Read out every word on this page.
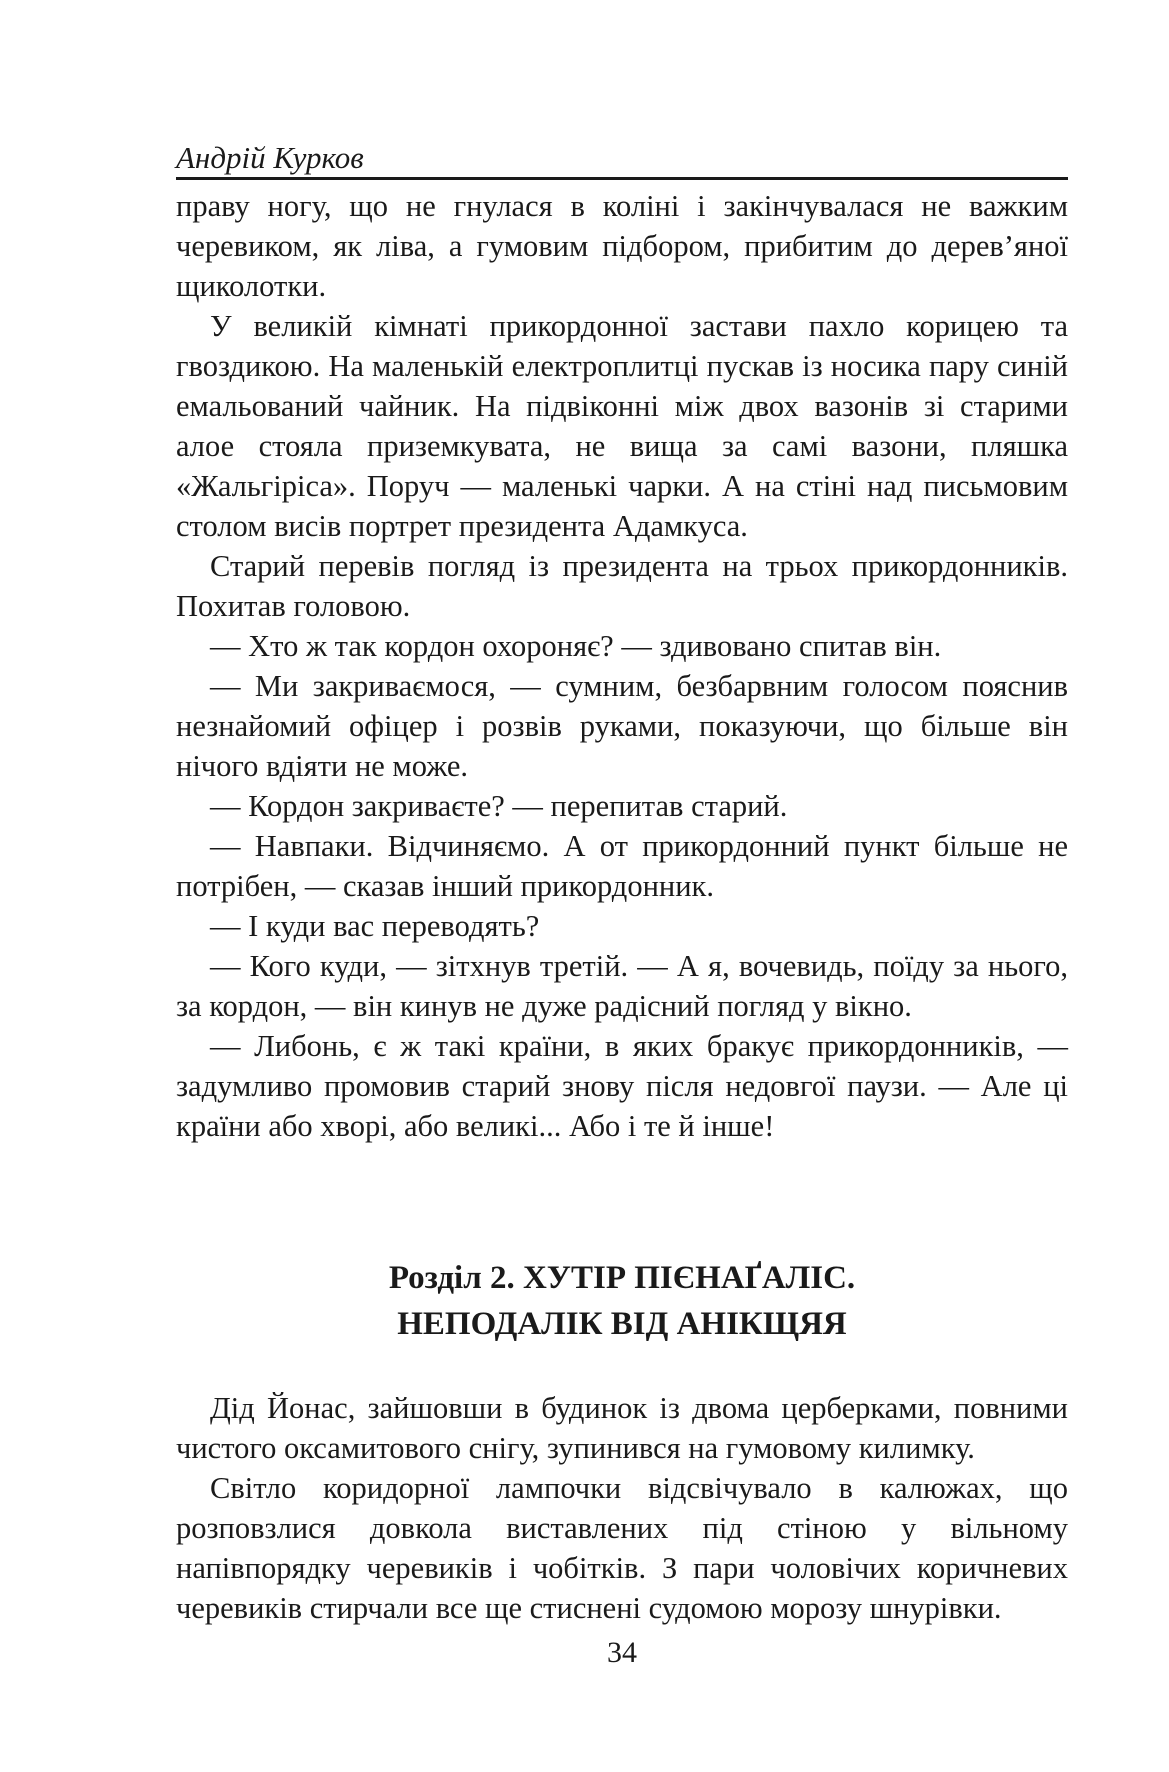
Андрій Курков

праву ногу, що не гнулася в коліні і закінчувалася не важким черевиком, як ліва, а гумовим підбором, прибитим до дерев’яної щиколотки.

У великій кімнаті прикордонної застави пахло корицею та гвоздикою. На маленькій електроплитці пускав із носика пару синій емальований чайник. На підвіконні між двох вазонів зі старими алое стояла приземкувата, не вища за самі вазони, пляшка «Жальгіріса». Поруч — маленькі чарки. А на стіні над письмовим столом висів портрет президента Адамкуса.

Старий перевів погляд із президента на трьох прикордонників. Похитав головою.

— Хто ж так кордон охороняє? — здивовано спитав він.

— Ми закриваємося, — сумним, безбарвним голосом пояснив незнайомий офіцер і розвів руками, показуючи, що більше він нічого вдіяти не може.

— Кордон закриваєте? — перепитав старий.

— Навпаки. Відчиняємо. А от прикордонний пункт більше не потрібен, — сказав інший прикордонник.

— І куди вас переводять?

— Кого куди, — зітхнув третій. — А я, вочевидь, поїду за нього, за кордон, — він кинув не дуже радісний погляд у вікно.

— Либонь, є ж такі країни, в яких бракує прикордонників, — задумливо промовив старий знову після недовгої паузи. — Але ці країни або хворі, або великі... Або і те й інше!

Розділ 2. ХУТІР ПІЄНАҐАЛІС.
НЕПОДАЛІК ВІД АНІКЩЯЯ

Дід Йонас, зайшовши в будинок із двома церберками, повними чистого оксамитового снігу, зупинився на гумовому килимку.

Світло коридорної лампочки відсвічувало в калюжах, що розповзлися довкола виставлених під стіною у вільному напівпорядку черевиків і чобітків. З пари чоловічих коричневих черевиків стирчали все ще стиснені судомою морозу шнурівки.

34
